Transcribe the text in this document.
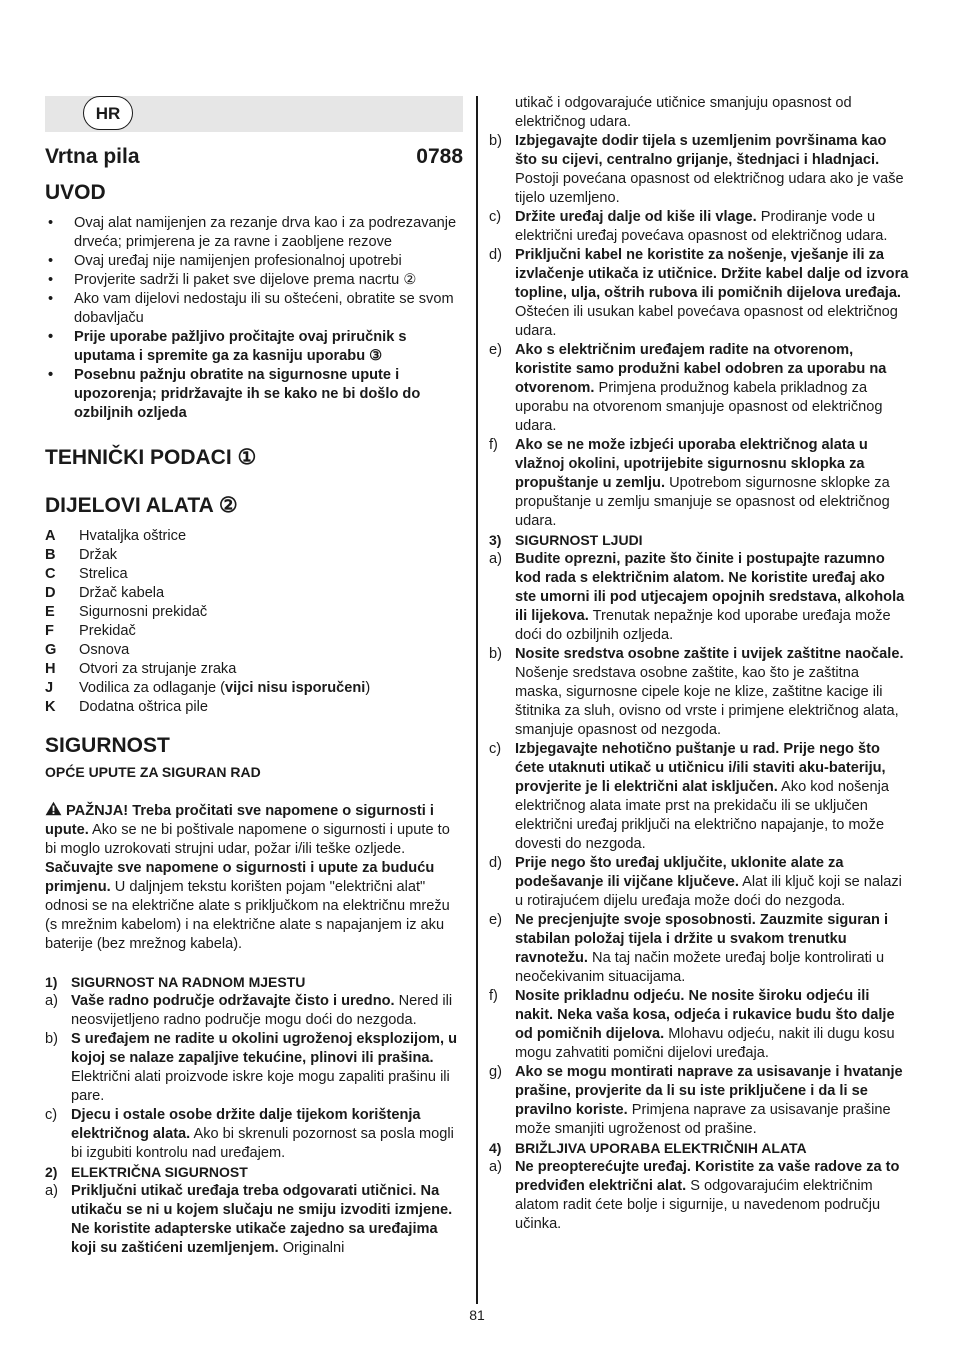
HR
Vrtna pila	0788
UVOD
•	Ovaj alat namijenjen za rezanje drva kao i za podrezavanje drveća; primjerena je za ravne i zaobljene rezove
•	Ovaj uređaj nije namijenjen profesionalnoj upotrebi
•	Provjerite sadrži li paket sve dijelove prema nacrtu ②
•	Ako vam dijelovi nedostaju ili su oštećeni, obratite se svom dobavljaču
•	Prije uporabe pažljivo pročitajte ovaj priručnik s uputama i spremite ga za kasniju uporabu ③
•	Posebnu pažnju obratite na sigurnosne upute i upozorenja; pridržavajte ih se kako ne bi došlo do ozbiljnih ozljeda
TEHNIČKI PODACI ①
DIJELOVI ALATA ②
A	Hvataljka oštrice
B	Držak
C	Strelica
D	Držač kabela
E	Sigurnosni prekidač
F	Prekidač
G	Osnova
H	Otvori za strujanje zraka
J	Vodilica za odlaganje (vijci nisu isporučeni)
K	Dodatna oštrica pile
SIGURNOST
OPĆE UPUTE ZA SIGURAN RAD

PAŽNJA! Treba pročitati sve napomene o sigurnosti i upute. Ako se ne bi poštivale napomene o sigurnosti i upute to bi moglo uzrokovati strujni udar, požar i/ili teške ozljede. Sačuvajte sve napomene o sigurnosti i upute za buduću primjenu. U daljnjem tekstu korišten pojam "električni alat" odnosi se na električne alate s priključkom na električnu mrežu (s mrežnim kabelom) i na električne alate s napajanjem iz aku baterije (bez mrežnog kabela).

1) SIGURNOST NA RADNOM MJESTU
a) Vaše radno područje održavajte čisto i uredno. Nered ili neosvijetljeno radno područje mogu doći do nezgoda.
b) S uređajem ne radite u okolini ugroženoj eksplozijom, u kojoj se nalaze zapaljive tekućine, plinovi ili prašina. Električni alati proizvode iskre koje mogu zapaliti prašinu ili pare.
c) Djecu i ostale osobe držite dalje tijekom korištenja električnog alata. Ako bi skrenuli pozornost sa posla mogli bi izgubiti kontrolu nad uređajem.
2) ELEKTRIČNA SIGURNOST
a) Priključni utikač uređaja treba odgovarati utičnici. Na utikaču se ni u kojem slučaju ne smiju izvoditi izmjene. Ne koristite adapterske utikače zajedno sa uređajima koji su zaštićeni uzemljenjem. Originalni
utikač i odgovarajuće utičnice smanjuju opasnost od električnog udara.
b) Izbjegavajte dodir tijela s uzemljenim površinama kao što su cijevi, centralno grijanje, štednjaci i hladnjaci. Postoji povećana opasnost od električnog udara ako je vaše tijelo uzemljeno.
c) Držite uređaj dalje od kiše ili vlage. Prodiranje vode u električni uređaj povećava opasnost od električnog udara.
d) Priključni kabel ne koristite za nošenje, vješanje ili za izvlačenje utikača iz utičnice. Držite kabel dalje od izvora topline, ulja, oštrih rubova ili pomičnih dijelova uređaja. Oštećen ili usukan kabel povećava opasnost od električnog udara.
e) Ako s električnim uređajem radite na otvorenom, koristite samo produžni kabel odobren za uporabu na otvorenom. Primjena produžnog kabela prikladnog za uporabu na otvorenom smanjuje opasnost od električnog udara.
f)	Ako se ne može izbjeći uporaba električnog alata u vlažnoj okolini, upotrijebite sigurnosnu sklopka za propuštanje u zemlju. Upotrebom sigurnosne sklopke za propuštanje u zemlju smanjuje se opasnost od električnog udara.
3) SIGURNOST LJUDI
a) Budite oprezni, pazite što činite i postupajte razumno kod rada s električnim alatom. Ne koristite uređaj ako ste umorni ili pod utjecajem opojnih sredstava, alkohola ili lijekova. Trenutak nepažnje kod uporabe uređaja može doći do ozbiljnih ozljeda.
b) Nosite sredstva osobne zaštite i uvijek zaštitne naočale. Nošenje sredstava osobne zaštite, kao što je zaštitna maska, sigurnosne cipele koje ne klize, zaštitne kacige ili štitnika za sluh, ovisno od vrste i primjene električnog alata, smanjuje opasnost od nezgoda.
c) Izbjegavajte nehotično puštanje u rad. Prije nego što ćete utaknuti utikač u utičnicu i/ili staviti aku-bateriju, provjerite je li električni alat isključen. Ako kod nošenja električnog alata imate prst na prekidaču ili se uključen električni uređaj priključi na električno napajanje, to može dovesti do nezgoda.
d) Prije nego što uređaj uključite, uklonite alate za podešavanje ili vijčane ključeve. Alat ili ključ koji se nalazi u rotirajućem dijelu uređaja može doći do nezgoda.
e) Ne precjenjujte svoje sposobnosti. Zauzmite siguran i stabilan položaj tijela i držite u svakom trenutku ravnotežu. Na taj način možete uređaj bolje kontrolirati u neočekivanim situacijama.
f)	Nosite prikladnu odjeću. Ne nosite široku odjeću ili nakit. Neka vaša kosa, odjeća i rukavice budu što dalje od pomičnih dijelova. Mlohavu odjeću, nakit ili dugu kosu mogu zahvatiti pomični dijelovi uređaja.
g) Ako se mogu montirati naprave za usisavanje i hvatanje prašine, provjerite da li su iste priključene i da li se pravilno koriste. Primjena naprave za usisavanje prašine može smanjiti ugroženost od prašine.
4) BRIŽLJIVA UPORABA ELEKTRIČNIH ALATA
a) Ne preopterećujte uređaj. Koristite za vaše radove za to predviđen električni alat. S odgovarajućim električnim alatom radit ćete bolje i sigurnije, u navedenom području učinka.
81
